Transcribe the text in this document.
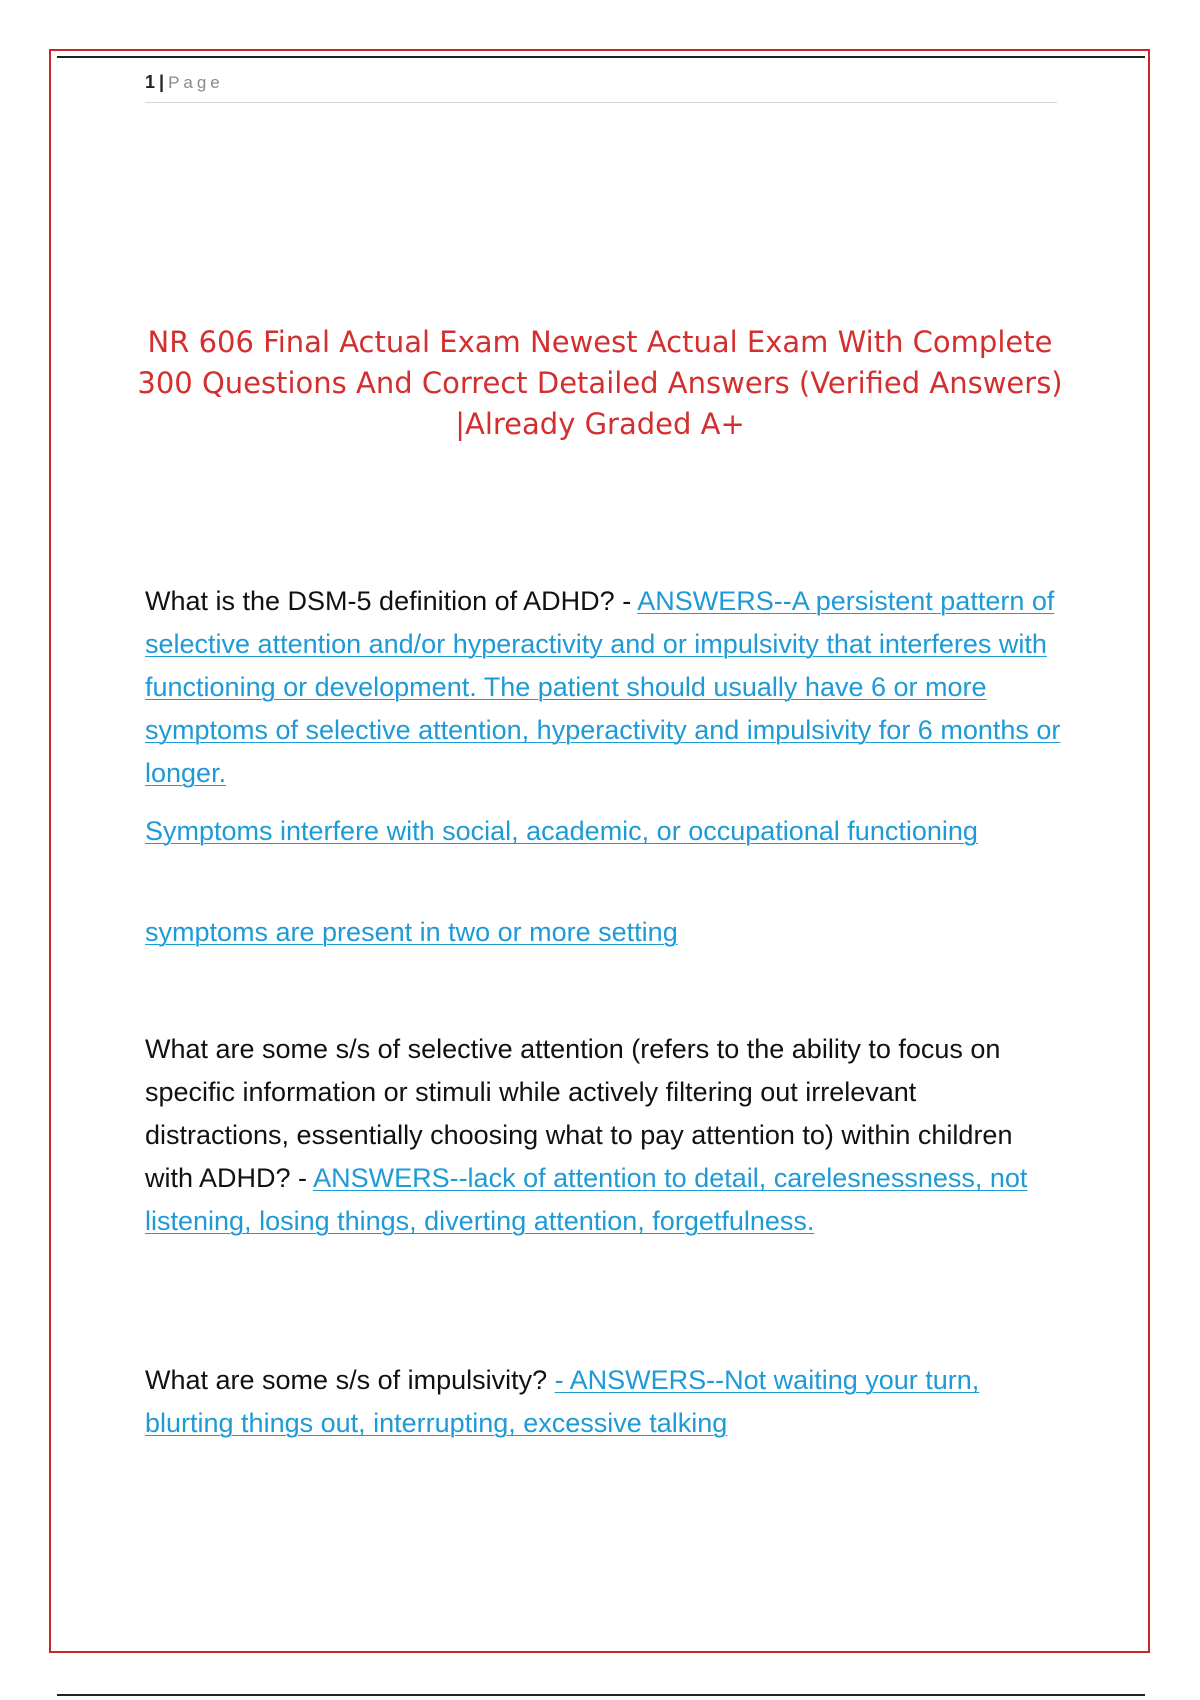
1 | Page
NR 606 Final Actual Exam Newest Actual Exam With Complete 300 Questions And Correct Detailed Answers (Verified Answers) |Already Graded A+
What is the DSM-5 definition of ADHD? - ANSWERS--A persistent pattern of selective attention and/or hyperactivity and or impulsivity that interferes with functioning or development. The patient should usually have 6 or more symptoms of selective attention, hyperactivity and impulsivity for 6 months or longer.
Symptoms interfere with social, academic, or occupational functioning
symptoms are present in two or more setting
What are some s/s of selective attention (refers to the ability to focus on specific information or stimuli while actively filtering out irrelevant distractions, essentially choosing what to pay attention to) within children with ADHD? - ANSWERS--lack of attention to detail, carelesnessness, not listening, losing things, diverting attention, forgetfulness.
What are some s/s of impulsivity? - ANSWERS--Not waiting your turn, blurting things out, interrupting, excessive talking
